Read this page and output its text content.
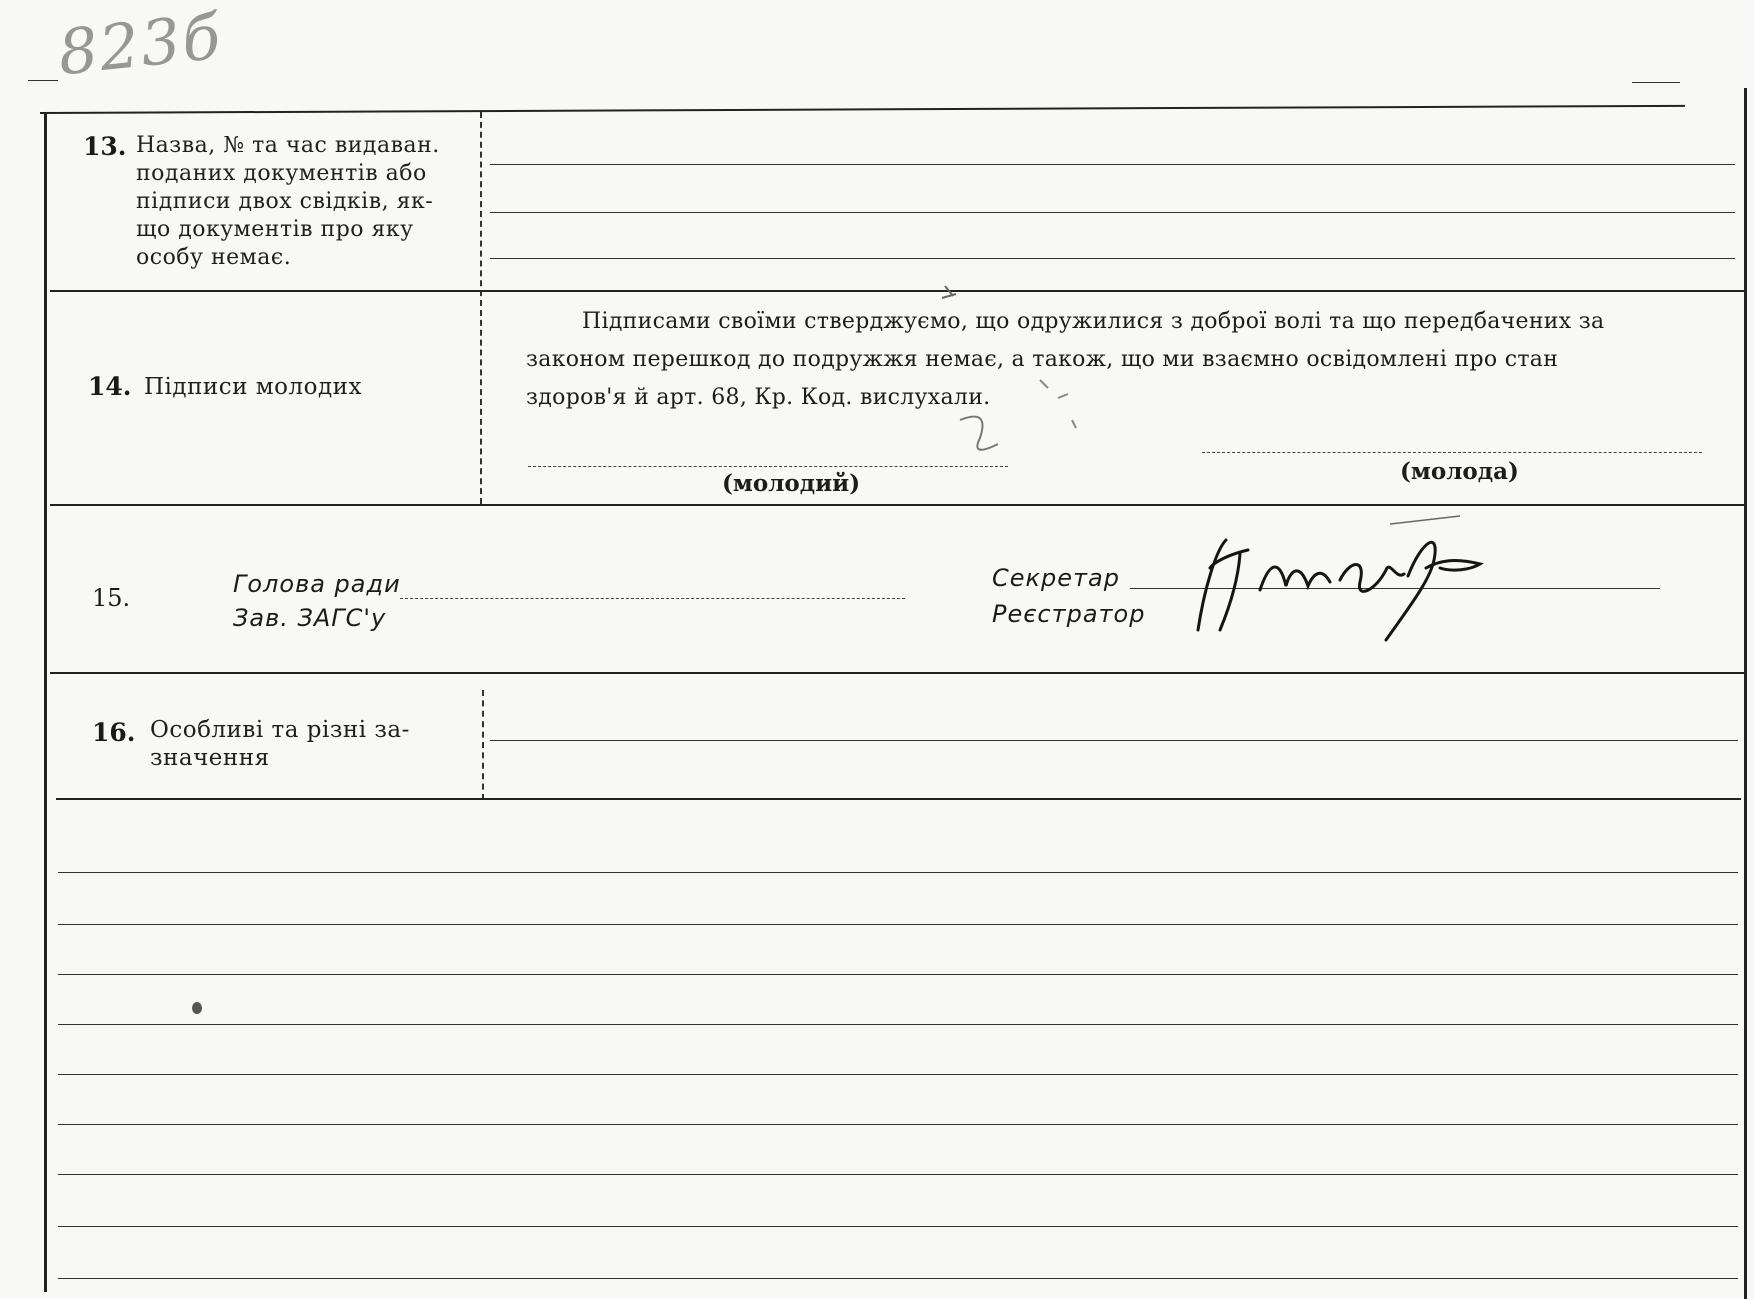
823б
13. Назва, № та час видаван.
поданих документів або
підписи двох свідків, як-
що документів про яку
особу немає.
14. Підписи молодих
Підписами своїми стверджуємо, що одружилися з доброї волі та що передбачених за
законом перешкод до подружжя немає, а також, що ми взаємно освідомлені про стан
здоров'я й арт. 68, Кр. Код. вислухали.
(молодий)	(молода)
15.	Голова ради
Зав. ЗАГС'у
Секретар
Реєстратор
16. Особливі та різні за-
значення
